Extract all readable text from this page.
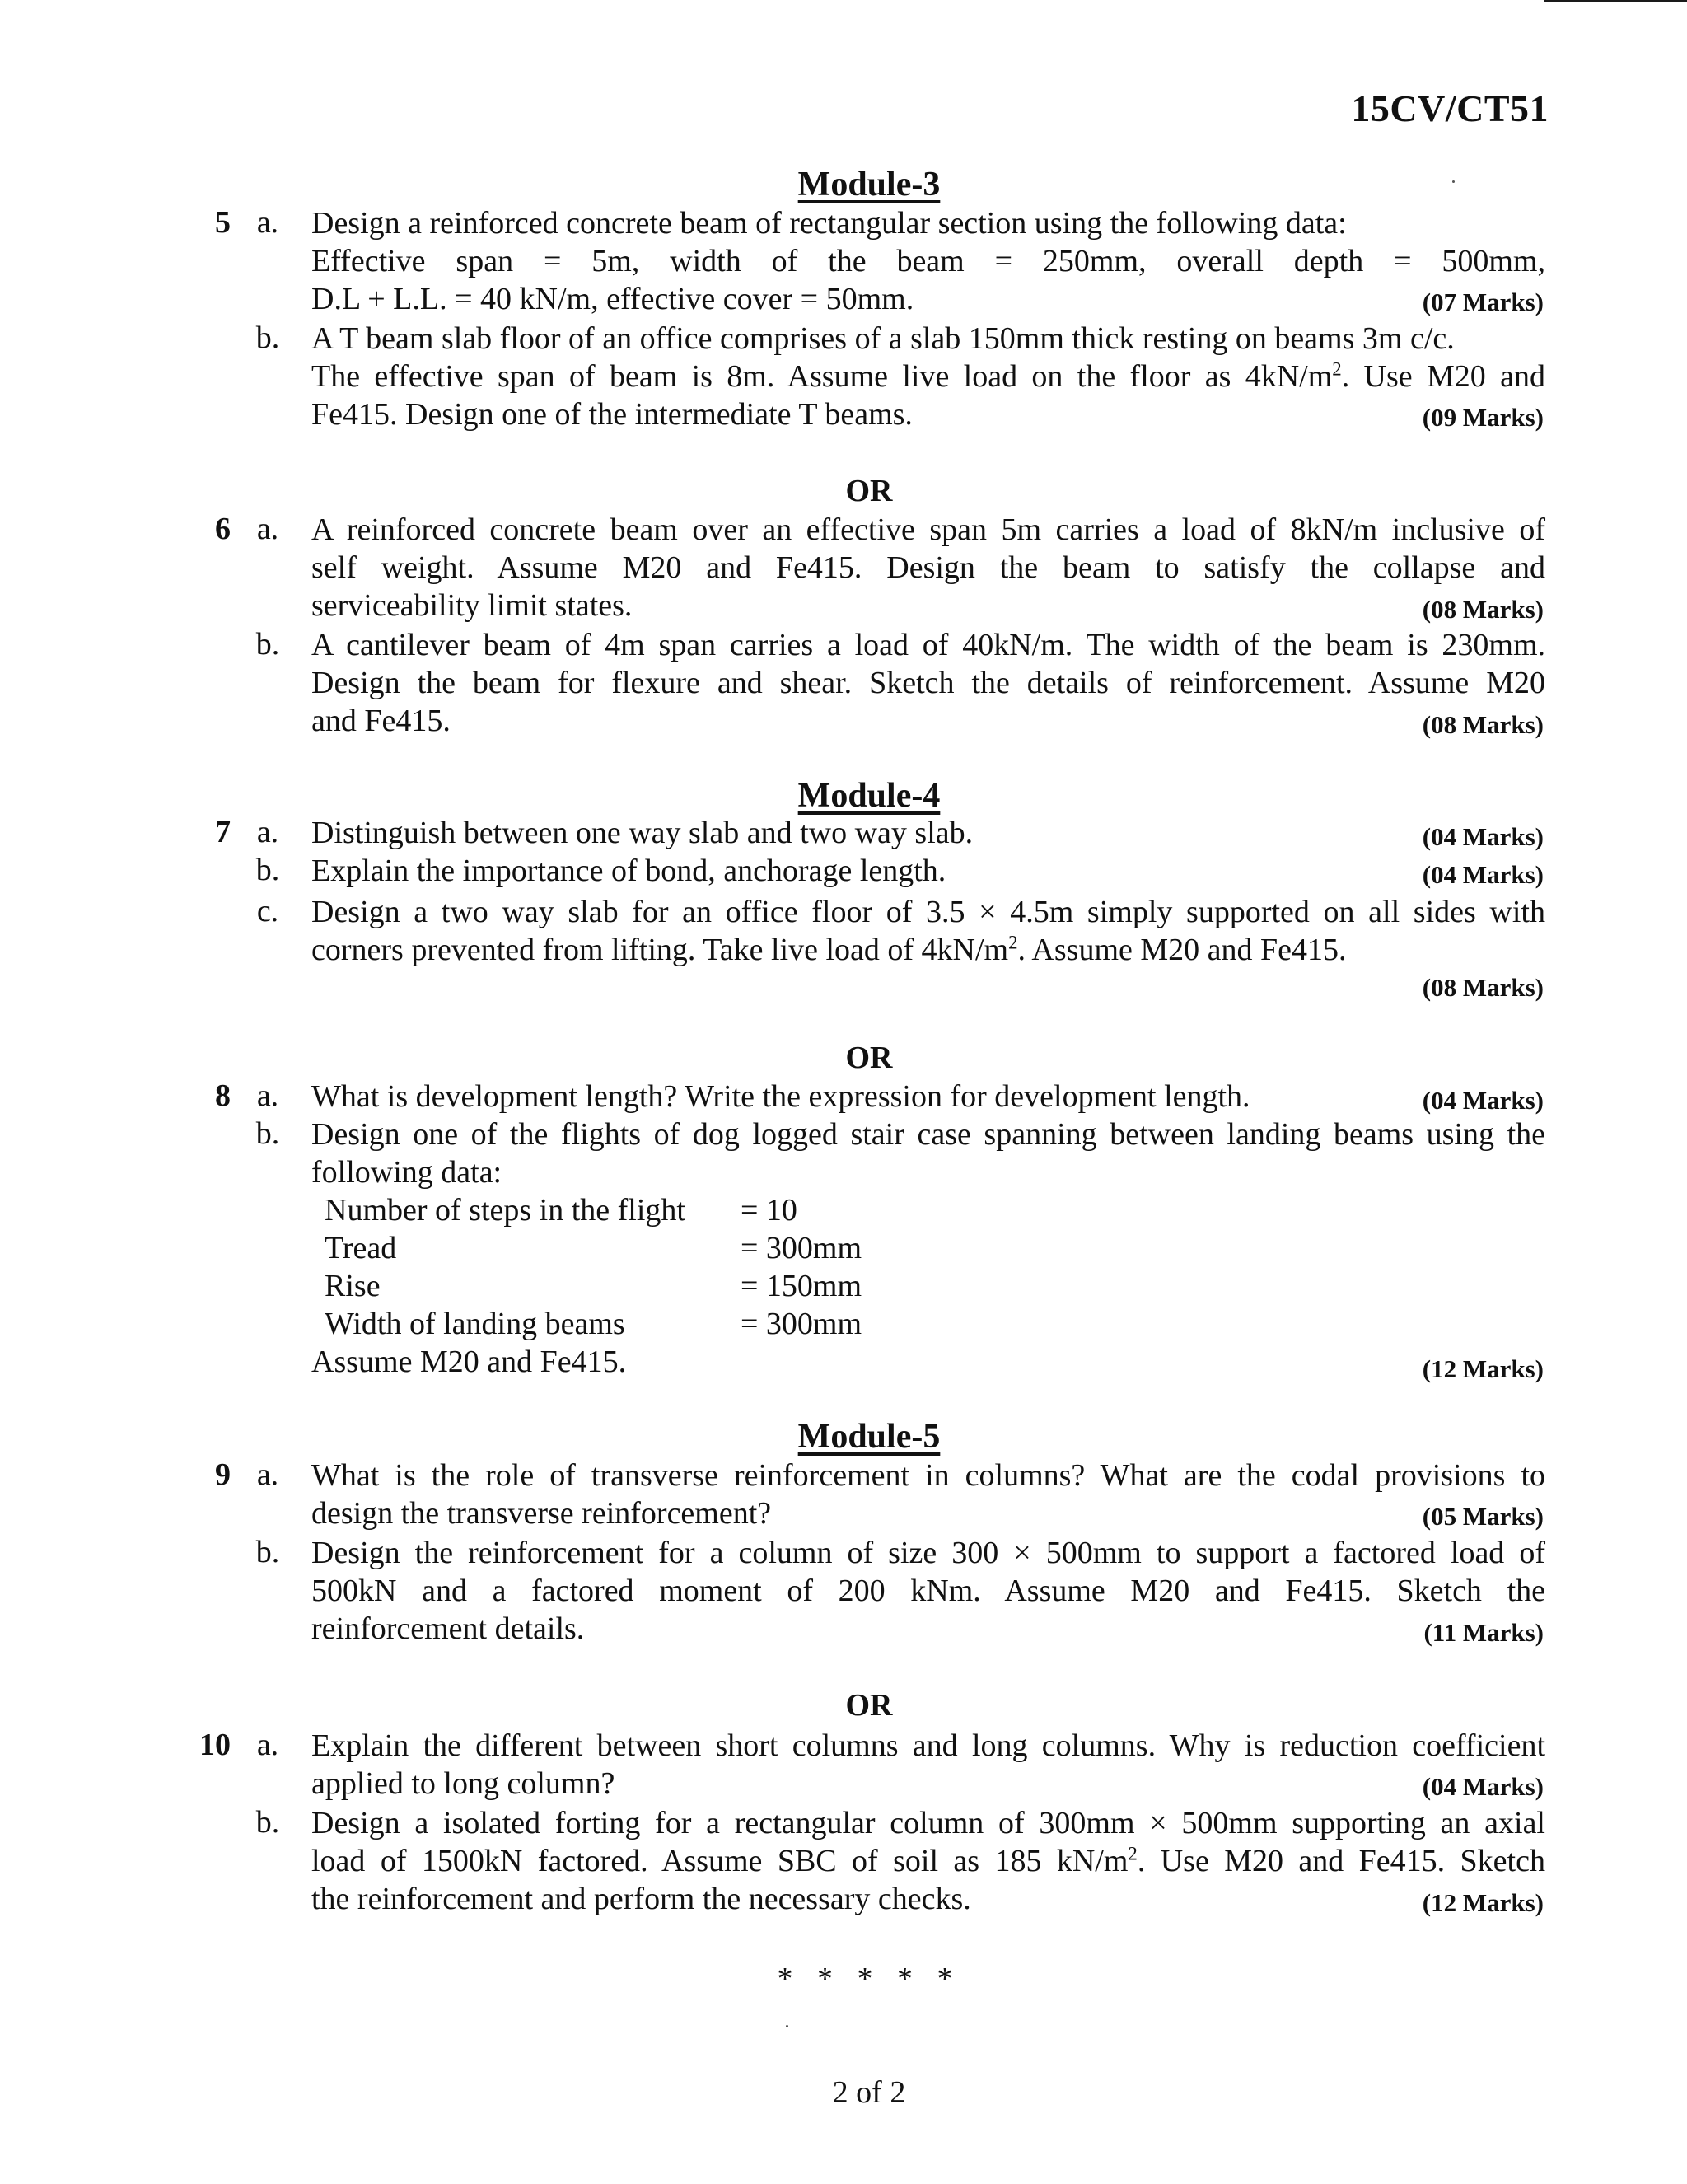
15CV/CT51
Module-3
5 a. Design a reinforced concrete beam of rectangular section using the following data:
Effective span = 5m, width of the beam = 250mm, overall depth = 500mm,
D.L + L.L. = 40 kN/m, effective cover = 50mm.	(07 Marks)
b. A T beam slab floor of an office comprises of a slab 150mm thick resting on beams 3m c/c.
The effective span of beam is 8m. Assume live load on the floor as $4kN/m^2$. Use M20 and
Fe415. Design one of the intermediate T beams.	(09 Marks)
OR
6 a. A reinforced concrete beam over an effective span 5m carries a load of 8kN/m inclusive of
self weight. Assume M20 and Fe415. Design the beam to satisfy the collapse and
serviceability limit states.	(08 Marks)
b. A cantilever beam of 4m span carries a load of 40kN/m. The width of the beam is 230mm.
Design the beam for flexure and shear. Sketch the details of reinforcement. Assume M20
and Fe415.	(08 Marks)
Module-4
7 a. Distinguish between one way slab and two way slab.	(04 Marks)
b. Explain the importance of bond, anchorage length.	(04 Marks)
c. Design a two way slab for an office floor of 3.5 × 4.5m simply supported on all sides with
corners prevented from lifting. Take live load of $4kN/m^2$. Assume M20 and Fe415.
(08 Marks)
OR
8 a. What is development length? Write the expression for development length.	(04 Marks)
b. Design one of the flights of dog logged stair case spanning between landing beams using the
following data:
Number of steps in the flight	= 10
Tread	= 300mm
Rise	= 150mm
Width of landing beams	= 300mm
Assume M20 and Fe415.	(12 Marks)
Module-5
9 a. What is the role of transverse reinforcement in columns? What are the codal provisions to
design the transverse reinforcement?	(05 Marks)
b. Design the reinforcement for a column of size 300 × 500mm to support a factored load of
500kN and a factored moment of 200 kNm. Assume M20 and Fe415. Sketch the
reinforcement details.	(11 Marks)
OR
10 a. Explain the different between short columns and long columns. Why is reduction coefficient
applied to long column?	(04 Marks)
b. Design a isolated forting for a rectangular column of 300mm × 500mm supporting an axial
load of 1500kN factored. Assume SBC of soil as 185 $kN/m^2$. Use M20 and Fe415. Sketch
the reinforcement and perform the necessary checks.	(12 Marks)
* * * * *
2 of 2
